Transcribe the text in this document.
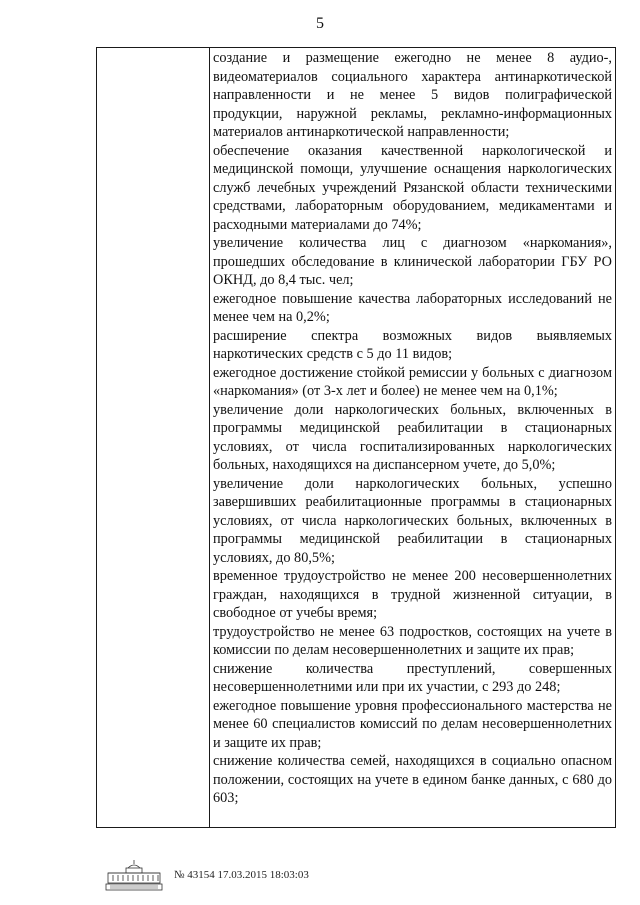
5

создание и размещение ежегодно не менее 8 аудио-, видеоматериалов социального характера антинаркотической направленности и не менее 5 видов полиграфической продукции, наружной рекламы, рекламно-информационных материалов антинаркотической направленности;

обеспечение оказания качественной наркологической и медицинской помощи, улучшение оснащения наркологических служб лечебных учреждений Рязанской области техническими средствами, лабораторным оборудованием, медикаментами и расходными материалами до 74%;

увеличение количества лиц с диагнозом «наркомания», прошедших обследование в клинической лаборатории ГБУ РО ОКНД, до 8,4 тыс. чел;

ежегодное повышение качества лабораторных исследований не менее чем на 0,2%;

расширение спектра возможных видов выявляемых наркотических средств с 5 до 11 видов;

ежегодное достижение стойкой ремиссии у больных с диагнозом «наркомания» (от 3-х лет и более) не менее чем на 0,1%;

увеличение доли наркологических больных, включенных в программы медицинской реабилитации в стационарных условиях, от числа госпитализированных наркологических больных, находящихся на диспансерном учете, до 5,0%;

увеличение доли наркологических больных, успешно завершивших реабилитационные программы в стационарных условиях, от числа наркологических больных, включенных в программы медицинской реабилитации в стационарных условиях, до 80,5%;

временное трудоустройство не менее 200 несовершеннолетних граждан, находящихся в трудной жизненной ситуации, в свободное от учебы время;

трудоустройство не менее 63 подростков, состоящих на учете в комиссии по делам несовершеннолетних и защите их прав;

снижение количества преступлений, совершенных несовершеннолетними или при их участии, с 293 до 248;

ежегодное повышение уровня профессионального мастерства не менее 60 специалистов комиссий по делам несовершеннолетних и защите их прав;

снижение количества семей, находящихся в социально опасном положении, состоящих на учете в едином банке данных, с 680 до 603;

№ 43154 17.03.2015 18:03:03
